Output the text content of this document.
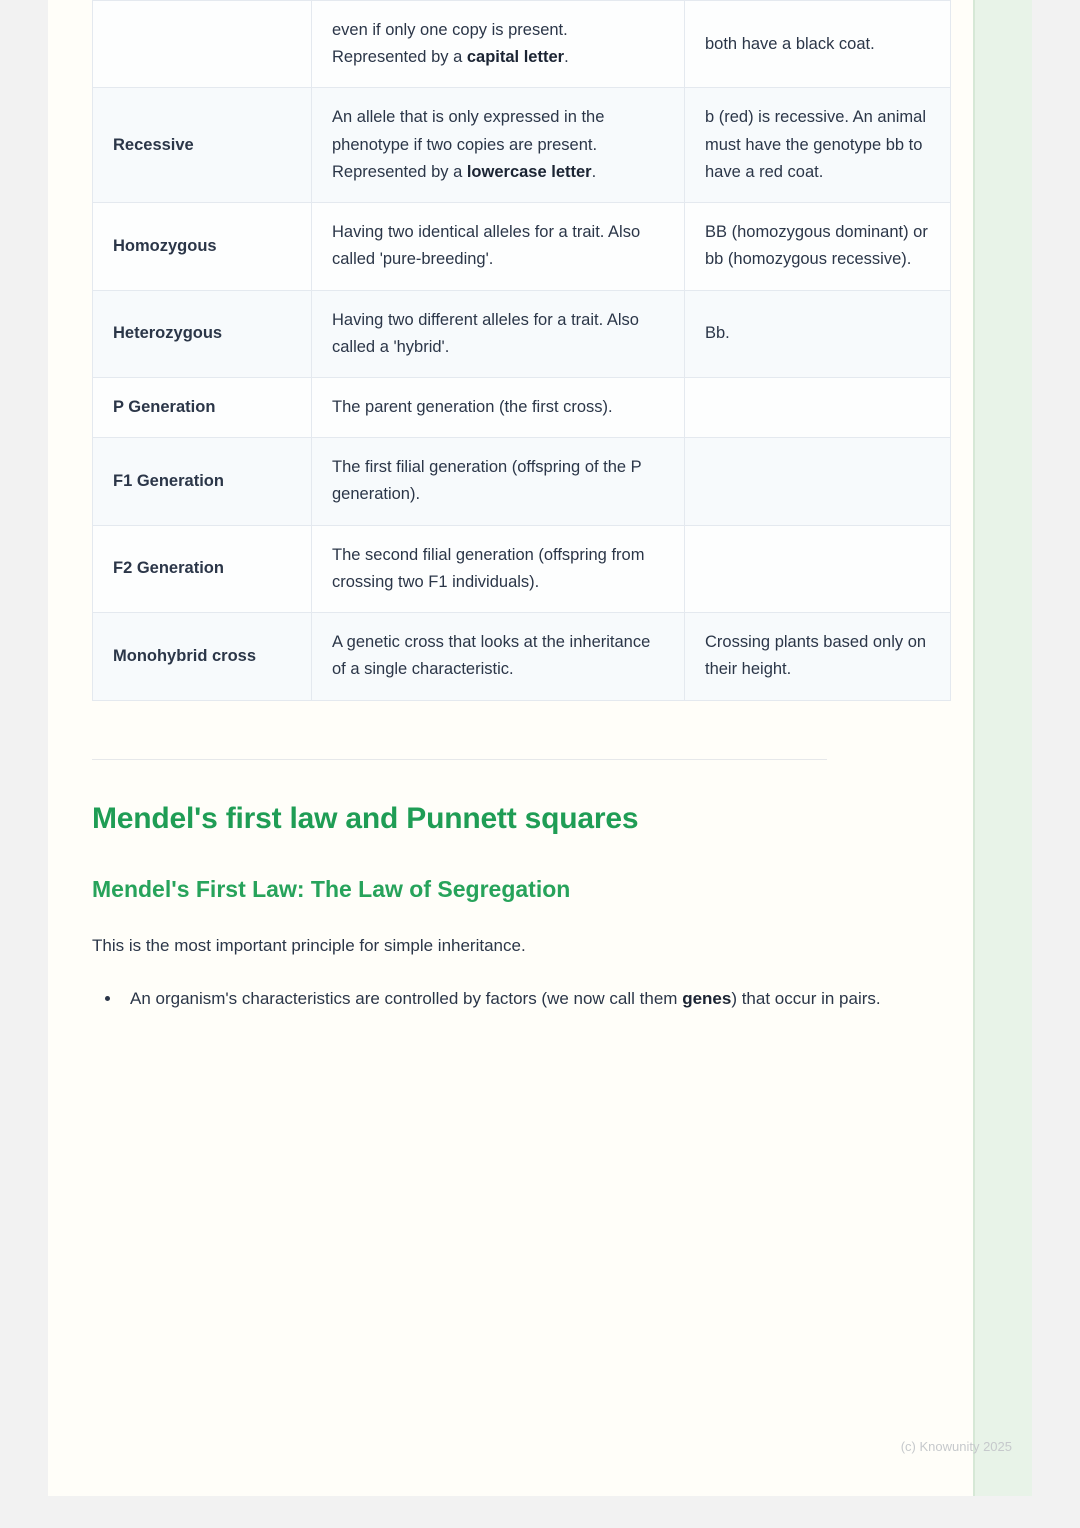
	even if only one copy is present. Represented by a capital letter.	both have a black coat.
Recessive	An allele that is only expressed in the phenotype if two copies are present. Represented by a lowercase letter.	b (red) is recessive. An animal must have the genotype bb to have a red coat.
Homozygous	Having two identical alleles for a trait. Also called 'pure-breeding'.	BB (homozygous dominant) or bb (homozygous recessive).
Heterozygous	Having two different alleles for a trait. Also called a 'hybrid'.	Bb.
P Generation	The parent generation (the first cross).	
F1 Generation	The first filial generation (offspring of the P generation).	
F2 Generation	The second filial generation (offspring from crossing two F1 individuals).	
Monohybrid cross	A genetic cross that looks at the inheritance of a single characteristic.	Crossing plants based only on their height.
Mendel's first law and Punnett squares
Mendel's First Law: The Law of Segregation

This is the most important principle for simple inheritance.

• An organism's characteristics are controlled by factors (we now call them genes) that occur in pairs.
(c) Knowunity 2025
